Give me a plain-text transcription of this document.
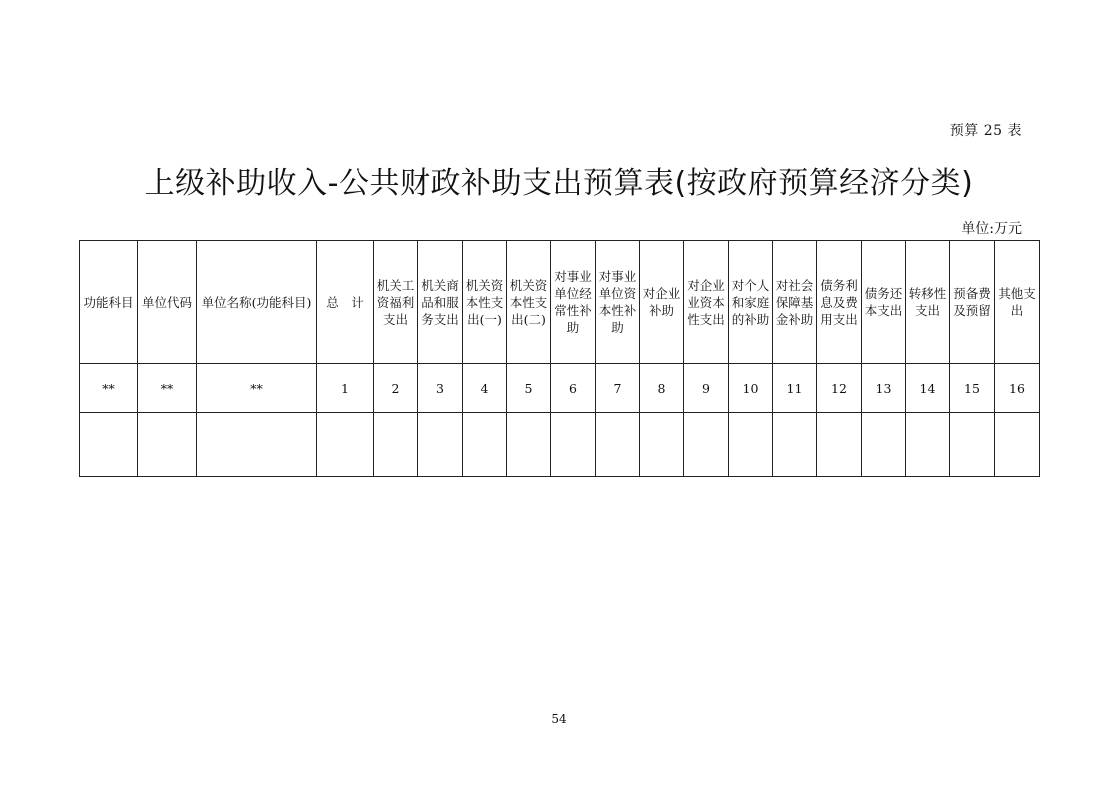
预算 25 表
上级补助收入-公共财政补助支出预算表(按政府预算经济分类)
单位:万元
功能科目	单位代码	单位名称(功能科目)	总　计	机关工资福利支出	机关商品和服务支出	机关资本性支出(一)	机关资本性支出(二)	对事业单位经常性补助	对事业单位资本性补助	对企业补助	对企业业资本性支出	对个人和家庭的补助	对社会保障基金补助	债务利息及费用支出	债务还本支出	转移性支出	预备费及预留	其他支出
**	**	**	1	2	3	4	5	6	7	8	9	10	11	12	13	14	15	16

54
